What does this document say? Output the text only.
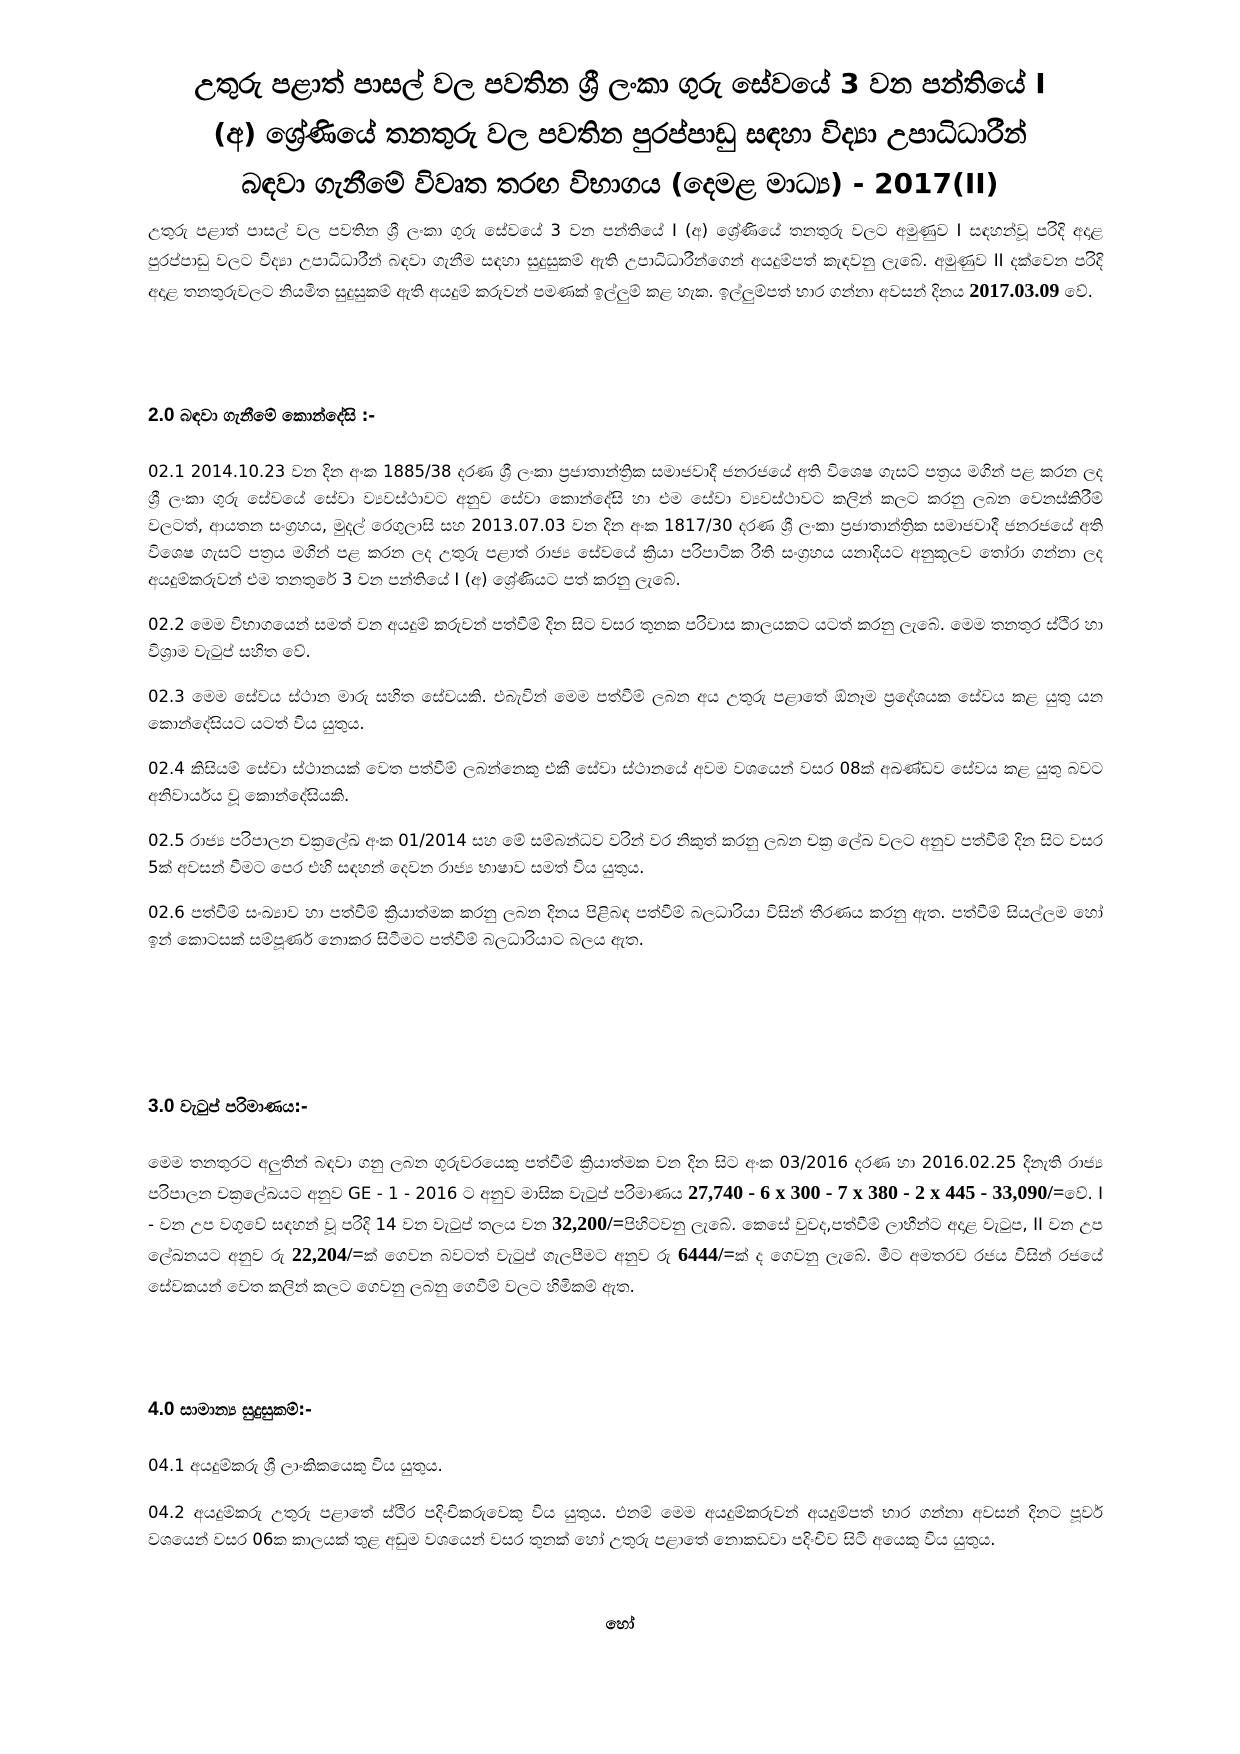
උතුරු පළාත් පාසල් වල පවතින ශ්‍රී ලංකා ගුරු සේවයේ 3 වන පන්තියේ I
(අ) ශ්‍රේණියේ තනතුරු වල පවතින පුරප්පාඩු සඳහා විද්‍යා උපාධිධාරීන්
බඳවා ගැනීමේ විවෘත තරඟ විභාගය (දෙමළ මාධ්‍ය) - 2017(II)

උතුරු පළාත් පාසල් වල පවතින ශ්‍රී ලංකා ගුරු සේවයේ 3 වන පන්තියේ I (අ) ශ්‍රේණියේ තනතුරු වලට අමුණුව I සඳහන්වූ පරිදි අදාළ පුරප්පාඩු වලට විද්‍යා උපාධිධාරීන් බඳවා ගැනීම සඳහා සුදුසුකම් ඇති උපාධිධාරීන්ගෙන් අයදුම්පත් කැඳවනු ලැබේ. අමුණුව II දක්වෙන පරිදි අදාළ තනතුරුවලට නියමිත සුදුසුකම් ඇති අයදුම් කරුවන් පමණක් ඉල්ලුම් කළ හැක. ඉල්ලුම්පත් භාර ගන්නා අවසන් දිනය 2017.03.09 වේ.

2.0 බඳවා ගැනීමේ කොන්දේසි :-

02.1 2014.10.23 වන දින අංක 1885/38 දරණ ශ්‍රී ලංකා ප්‍රජාතාන්ත්‍රික සමාජවාදී ජනරජයේ අති විශෙෂ ගැසට් පත්‍රය මගින් පළ කරන ලද ශ්‍රී ලංකා ගුරු සේවයේ සේවා ව්‍යවස්ථාවට අනුව සේවා කොන්දේසි හා එම සේවා ව්‍යවස්ථාවට කලින් කලට කරනු ලබන වෙනස්කිරීම් වලටත්, ආයතන සංග්‍රහය, මුදල් රෙගුලාසි සහ 2013.07.03 වන දින අංක 1817/30 දරණ ශ්‍රී ලංකා ප්‍රජාතාන්ත්‍රික සමාජවාදී ජනරජයේ අති විශෙෂ ගැසට් පත්‍රය මගින් පළ කරන ලද උතුරු පළාත් රාජ්‍ය සේවයේ ක්‍රියා පරිපාටික රීති සංග්‍රහය යනාදියට අනුකූලව තෝරා ගන්නා ලද අයදුම්කරුවන් එම තනතුරේ 3 වන පන්තියේ I (අ) ශ්‍රේණියට පත් කරනු ලැබේ.

02.2 මෙම විභාගයෙන් සමත් වන අයදුම් කරුවන් පත්වීම් දින සිට වසර තුනක පරිවාස කාලයකට යටත් කරනු ලැබේ. මෙම තනතුර ස්ථිර හා විශ්‍රාම වැටුප් සහිත වේ.

02.3 මෙම සේවය ස්ථාන මාරු සහිත සේවයකි. එබැවින් මෙම පත්වීම් ලබන අය උතුරු පළාතේ ඕනෑම ප්‍රදේශයක සේවය කළ යුතු යන කොන්දේසියට යටත් විය යුතුය.

02.4 කිසියම් සේවා ස්ථානයක් වෙත පත්වීම් ලබන්නෙකු එකී සේවා ස්ථානයේ අවම වශයෙන් වසර 08ක් අඛණ්ඩව සේවය කළ යුතු බවට අනිවාර්යය වූ කොන්දේසියකි.

02.5 රාජ්‍ය පරිපාලන චක්‍රලේඛ අංක 01/2014 සහ මේ සම්බන්ධව වරින් වර නිකුත් කරනු ලබන චක්‍ර ලේඛ වලට අනුව පත්වීම් දින සිට වසර 5ක් අවසන් වීමට පෙර එහි සඳහන් දෙවන රාජ්‍ය භාෂාව සමත් විය යුතුය.

02.6 පත්වීම් සංඛ්‍යාව හා පත්වීම් ක්‍රියාත්මක කරනු ලබන දිනය පිළිබඳ පත්වීම් බලධාරියා විසින් තීරණය කරනු ඇත. පත්වීම් සියල්ලම හෝ ඉන් කොටසක් සම්පූර්ණ නොකර සිටීමට පත්වීම් බලධාරියාට බලය ඇත.

3.0 වැටුප් පරිමාණය:-

මෙම තනතුරට අලුතින් බඳවා ගනු ලබන ගුරුවරයෙකු පත්වීම් ක්‍රියාත්මක වන දින සිට අංක 03/2016 දරණ හා 2016.02.25 දිනැති රාජ්‍ය පරිපාලන චක්‍රලේඛයට අනුව GE - 1 - 2016 ට අනුව මාසික වැටුප් පරිමාණය 27,740 - 6 x 300 - 7 x 380 - 2 x 445 - 33,090/=වේ. I - වන උප වගුවේ සඳහන් වූ පරිදි 14 වන වැටුප් තලය වන 32,200/=පිහිටවනු ලැබේ. කෙසේ වුවද,පත්වීම් ලාභීන්ට අදාළ වැටුප, II වන උප ලේඛනයට අනුව රු 22,204/=ක් ගෙවන බවටත් වැටුප් ගැලපීමට අනුව රු 6444/=ක් ද ගෙවනු ලැබේ. මීට අමතරව රජය විසින් රජයේ සේවකයන් වෙත කලින් කලට ගෙවනු ලබනු ගෙවීම් වලට හිමිකම් ඇත.

4.0 සාමාන්‍ය සුදුසුකම්:-

04.1 අයදුම්කරු ශ්‍රී ලාංකිකයෙකු විය යුතුය.

04.2 අයදුම්කරු උතුරු පළාතේ ස්ථිර පදිංචිකරුවෙකු විය යුතුය. එනම් මෙම අයදුම්කරුවන් අයදුම්පත් භාර ගන්නා අවසන් දිනට පූර්ව වශයෙන් වසර 06ක කාලයක් තුළ අඩුම වශයෙන් වසර තුනක් හෝ උතුරු පළාතේ නොකඩවා පදිංචිව සිටි අයෙකු විය යුතුය.

හෝ
